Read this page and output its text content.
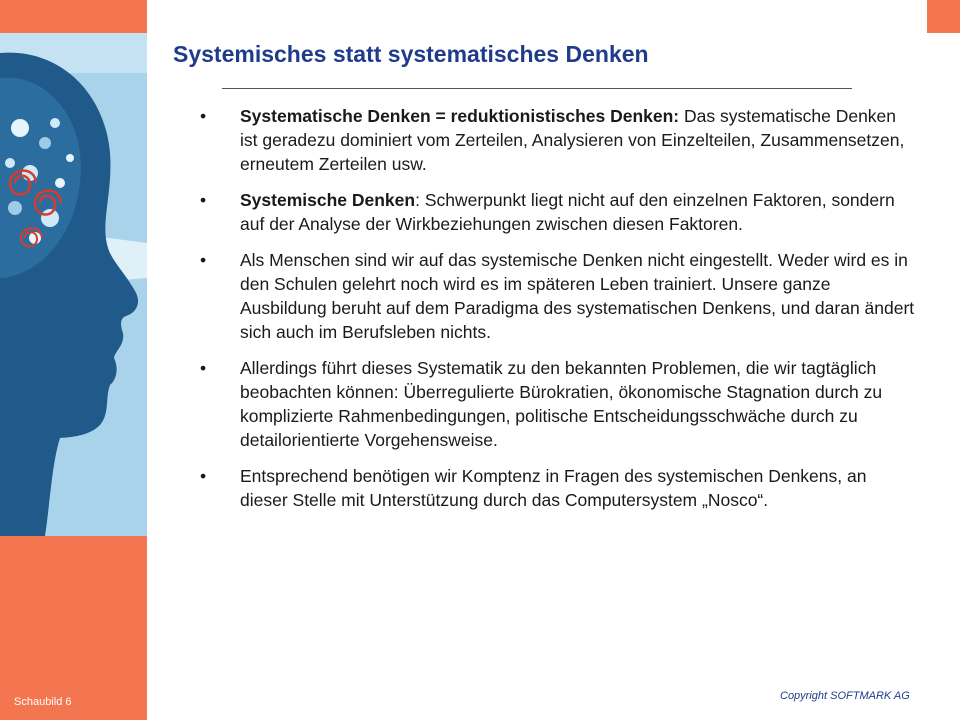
Schaubild 6
Systemisches statt systematisches Denken
• Systematische Denken = reduktionistisches Denken: Das systematische Denken ist geradezu dominiert vom Zerteilen, Analysieren von Einzelteilen, Zusammensetzen, erneutem Zerteilen usw.
• Systemische Denken: Schwerpunkt liegt nicht auf den einzelnen Faktoren, sondern auf der Analyse der Wirkbeziehungen zwischen diesen Faktoren.
• Als Menschen sind wir auf das systemische Denken nicht eingestellt. Weder wird es in den Schulen gelehrt noch wird es im späteren Leben trainiert. Unsere ganze Ausbildung beruht auf dem Paradigma des systematischen Denkens, und daran ändert sich auch im Berufsleben nichts.
• Allerdings führt dieses Systematik zu den bekannten Problemen, die wir tagtäglich beobachten können: Überregulierte Bürokratien, ökonomische Stagnation durch zu komplizierte Rahmenbedingungen, politische Entscheidungsschwäche durch zu detailorientierte Vorgehensweise.
• Entsprechend benötigen wir Komptenz in Fragen des systemischen Denkens, an dieser Stelle mit Unterstützung durch das Computersystem „Nosco“.
Copyright SOFTMARK AG
